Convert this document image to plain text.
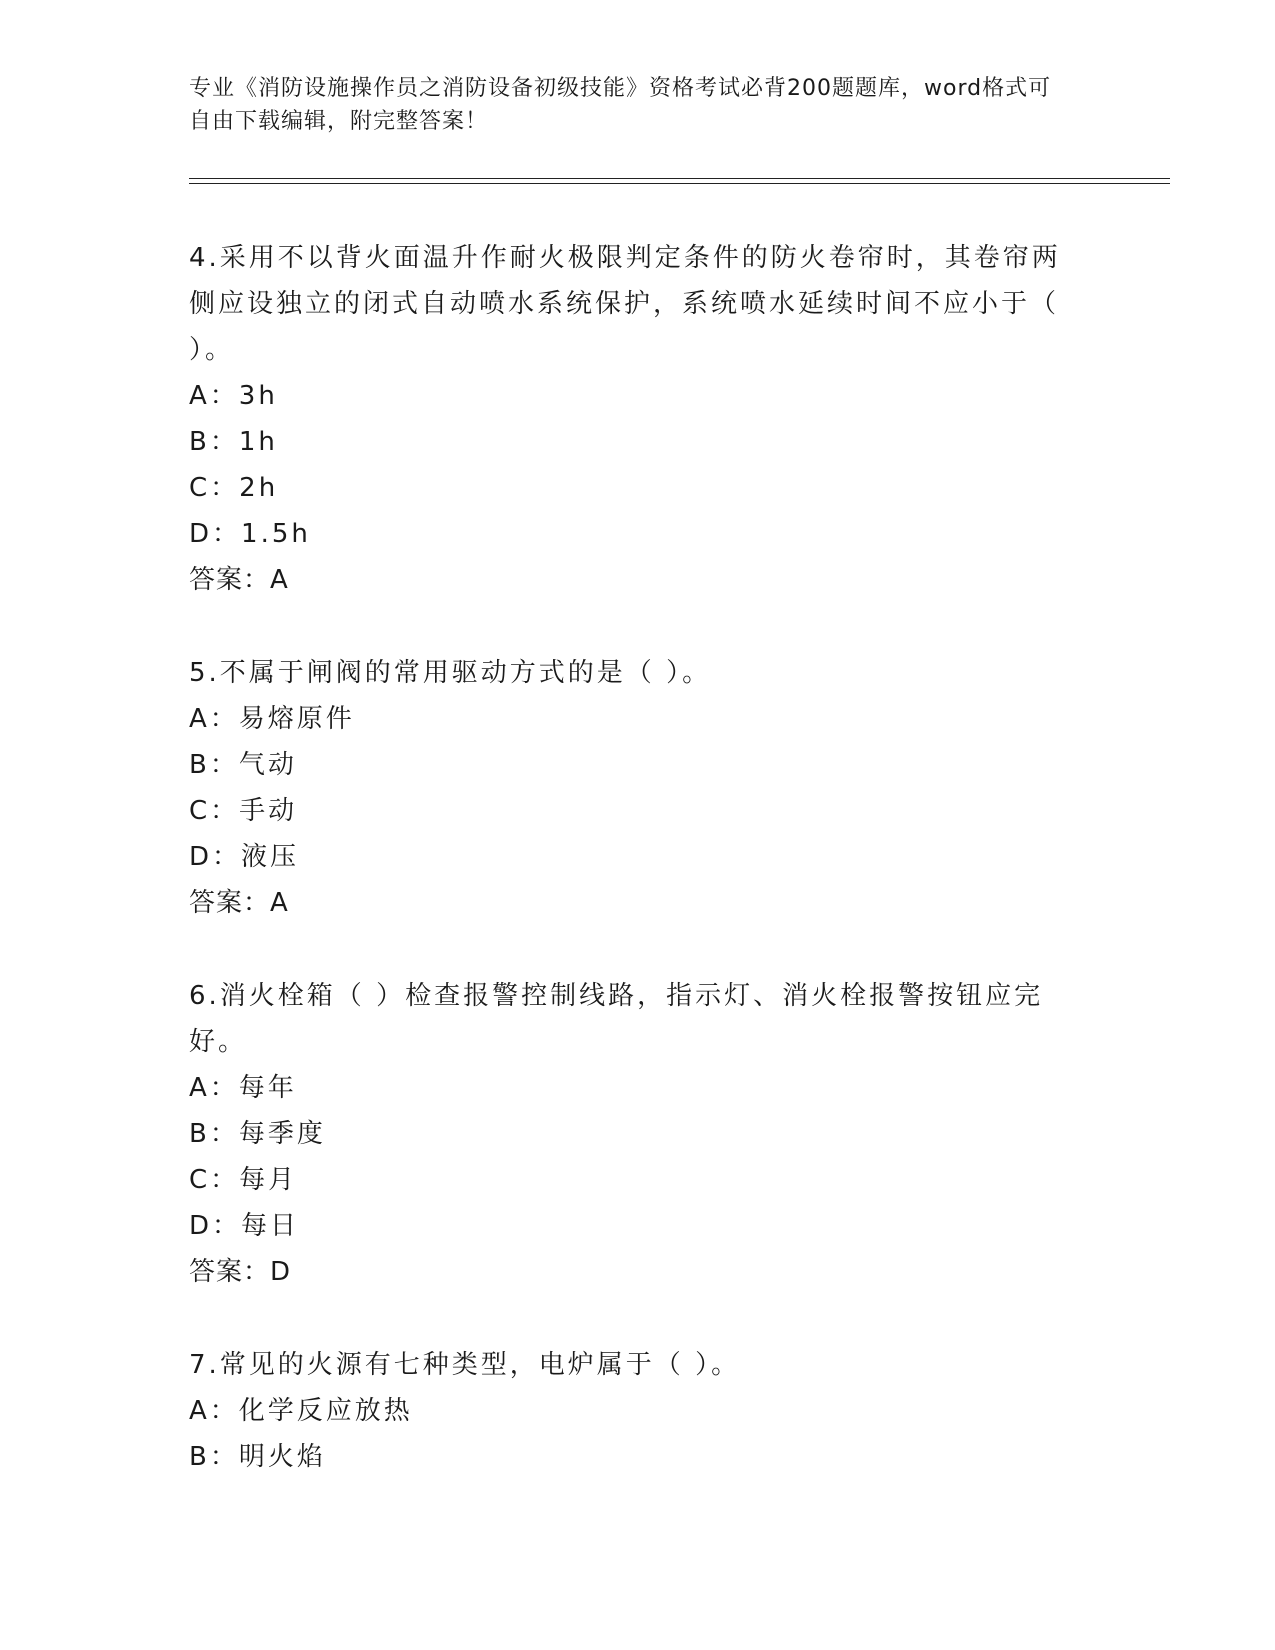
专业《消防设施操作员之消防设备初级技能》资格考试必背200题题库，word格式可自由下载编辑，附完整答案！
4.采用不以背火面温升作耐火极限判定条件的防火卷帘时，其卷帘两侧应设独立的闭式自动喷水系统保护，系统喷水延续时间不应小于（ ）。
A：3h
B：1h
C：2h
D：1.5h
答案：A
5.不属于闸阀的常用驱动方式的是（ ）。
A：易熔原件
B：气动
C：手动
D：液压
答案：A
6.消火栓箱（ ）检查报警控制线路，指示灯、消火栓报警按钮应完好。
A：每年
B：每季度
C：每月
D：每日
答案：D
7.常见的火源有七种类型，电炉属于（ ）。
A：化学反应放热
B：明火焰
